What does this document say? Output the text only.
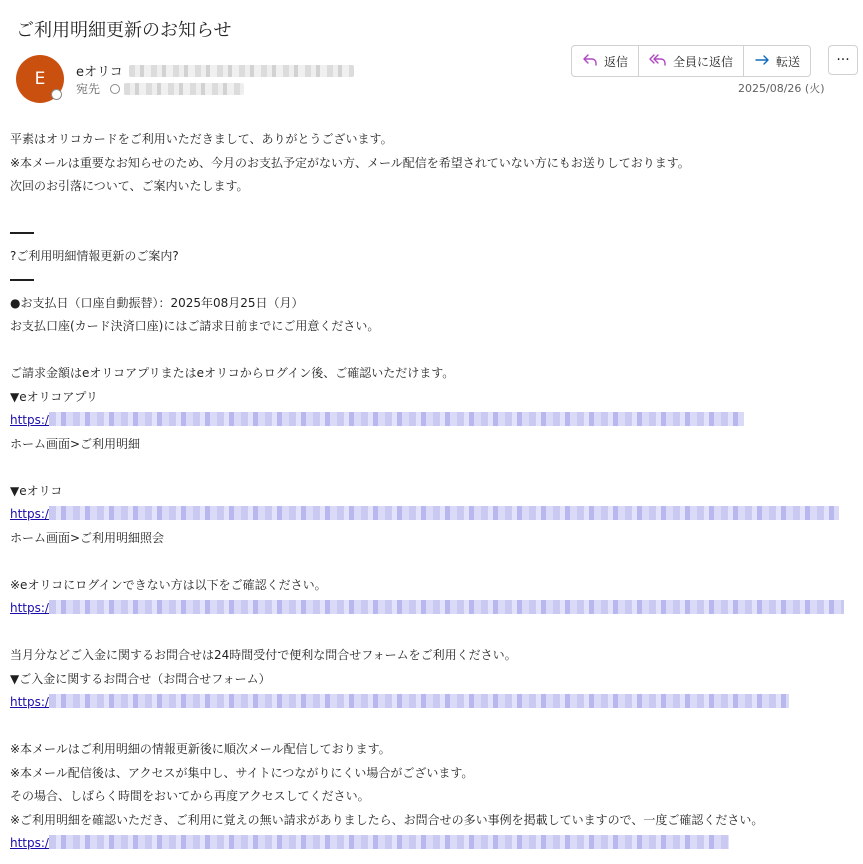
ご利用明細更新のお知らせ
E eオリコ
宛先
返信	全員に返信	転送	···
2025/08/26 (火)
平素はオリコカードをご利用いただきまして、ありがとうございます。
※本メールは重要なお知らせのため、今月のお支払予定がない方、メール配信を希望されていない方にもお送りしております。
次回のお引落について、ご案内いたします。
?ご利用明細情報更新のご案内?
●お支払日（口座自動振替）：2025年08月25日（月）
お支払口座(カード決済口座)にはご請求日前までにご用意ください。
ご請求金額はeオリコアプリまたはeオリコからログイン後、ご確認いただけます。
▼eオリコアプリ
https:/
ホーム画面>ご利用明細
▼eオリコ
https:/
ホーム画面>ご利用明細照会
※eオリコにログインできない方は以下をご確認ください。
https:/
当月分などご入金に関するお問合せは24時間受付で便利な問合せフォームをご利用ください。
▼ご入金に関するお問合せ（お問合せフォーム）
https:/
※本メールはご利用明細の情報更新後に順次メール配信しております。
※本メール配信後は、アクセスが集中し、サイトにつながりにくい場合がございます。
その場合、しばらく時間をおいてから再度アクセスしてください。
※ご利用明細を確認いただき、ご利用に覚えの無い請求がありましたら、お問合せの多い事例を掲載していますので、一度ご確認ください。
https:/
